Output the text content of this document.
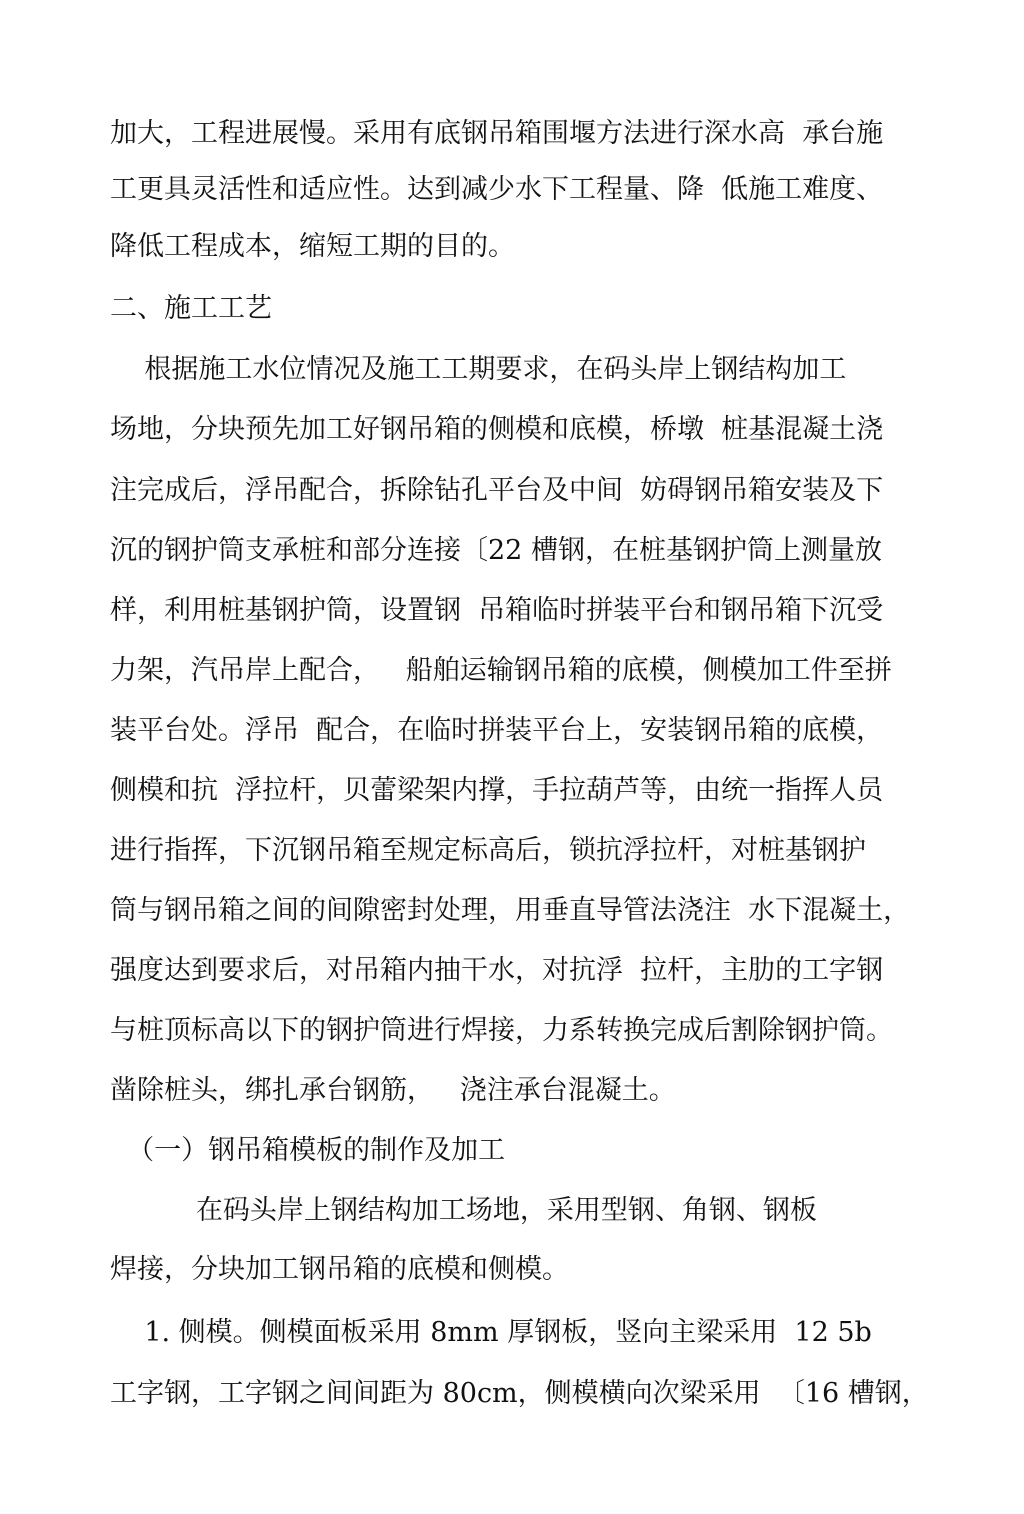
加大，工程进展慢。采用有底钢吊箱围堰方法进行深水高  承台施
工更具灵活性和适应性。达到减少水下工程量、降  低施工难度、
降低工程成本，缩短工期的目的。
二、施工工艺
根据施工水位情况及施工工期要求，在码头岸上钢结构加工
场地，分块预先加工好钢吊箱的侧模和底模，桥墩  桩基混凝土浇
注完成后，浮吊配合，拆除钻孔平台及中间  妨碍钢吊箱安装及下
沉的钢护筒支承桩和部分连接〔22 槽钢，在桩基钢护筒上测量放
样，利用桩基钢护筒，设置钢  吊箱临时拼装平台和钢吊箱下沉受
力架，汽吊岸上配合，   船舶运输钢吊箱的底模，侧模加工件至拼
装平台处。浮吊  配合，在临时拼装平台上，安装钢吊箱的底模，
侧模和抗  浮拉杆，贝蕾梁架内撑，手拉葫芦等，由统一指挥人员
进行指挥，下沉钢吊箱至规定标高后，锁抗浮拉杆，对桩基钢护
筒与钢吊箱之间的间隙密封处理，用垂直导管法浇注  水下混凝土，
强度达到要求后，对吊箱内抽干水，对抗浮  拉杆，主肋的工字钢
与桩顶标高以下的钢护筒进行焊接，力系转换完成后割除钢护筒。
凿除桩头，绑扎承台钢筋，   浇注承台混凝土。
（一）钢吊箱模板的制作及加工
在码头岸上钢结构加工场地，采用型钢、角钢、钢板
焊接，分块加工钢吊箱的底模和侧模。
1. 侧模。侧模面板采用 8mm 厚钢板，竖向主梁采用  12 5b
工字钢，工字钢之间间距为 80cm，侧模横向次梁采用  〔16 槽钢，
